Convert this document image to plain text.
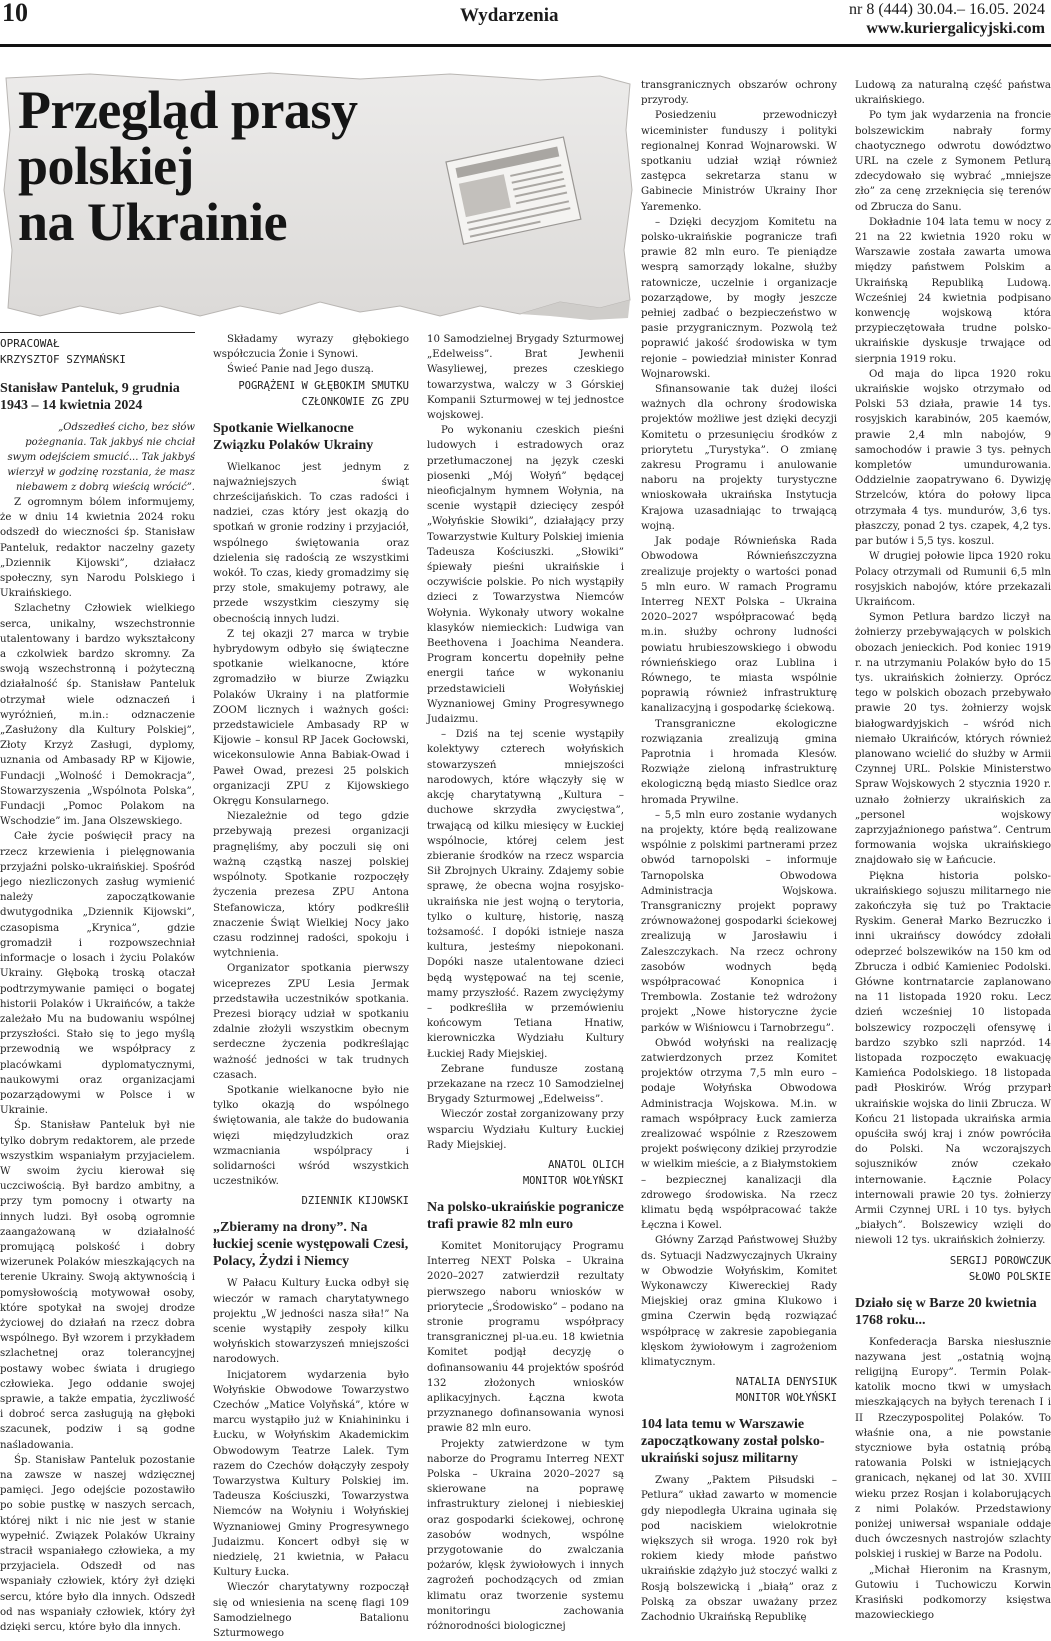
10	Wydarzenia	nr 8 (444) 30.04.– 16.05. 2024
www.kuriergalicyjski.com
Przegląd prasy
polskiej
na Ukrainie
OPRACOWAŁ
KRZYSZTOF SZYMAŃSKI
Stanisław Panteluk, 9 grudnia 1943 – 14 kwietnia 2024

„Odszedłeś cicho, bez słów pożegnania. Tak jakbyś nie chciał swym odejściem smucić... Tak jakbyś wierzył w godzinę rozstania, że masz niebawem z dobrą wieścią wrócić”.

Z ogromnym bólem informujemy, że w dniu 14 kwietnia 2024 roku odszedł do wieczności śp. Stanisław Panteluk, redaktor naczelny gazety „Dziennik Kijowski”, działacz społeczny, syn Narodu Polskiego i Ukraińskiego.

Szlachetny Człowiek wielkiego serca, unikalny, wszechstronnie utalentowany i bardzo wykształcony a czkolwiek bardzo skromny. Za swoją wszechstronną i pożyteczną działalność śp. Stanisław Panteluk otrzymał wiele odznaczeń i wyróżnień, m.in.: odznaczenie „Zasłużony dla Kultury Polskiej”, Złoty Krzyż Zasługi, dyplomy, uznania od Ambasady RP w Kijowie, Fundacji „Wolność i Demokracja”, Stowarzyszenia „Wspólnota Polska”, Fundacji „Pomoc Polakom na Wschodzie” im. Jana Olszewskiego.

Całe życie poświęcił pracy na rzecz krzewienia i pielęgnowania przyjaźni polsko-ukraińskiej. Spośród jego niezliczonych zasług wymienić należy zapoczątkowanie dwutygodnika „Dziennik Kijowski”, czasopisma „Krynica”, gdzie gromadził i rozpowszechniał informacje o losach i życiu Polaków Ukrainy. Głęboką troską otaczał podtrzymywanie pamięci o bogatej historii Polaków i Ukraińców, a także zależało Mu na budowaniu wspólnej przyszłości. Stało się to jego myślą przewodnią we współpracy z placówkami dyplomatycznymi, naukowymi oraz organizacjami pozarządowymi w Polsce i w Ukrainie.

Śp. Stanisław Panteluk był nie tylko dobrym redaktorem, ale przede wszystkim wspaniałym przyjacielem. W swoim życiu kierował się uczciwością. Był bardzo ambitny, a przy tym pomocny i otwarty na innych ludzi. Był osobą ogromnie zaangażowaną w działalność promującą polskość i dobry wizerunek Polaków mieszkających na terenie Ukrainy. Swoją aktywnością i pomysłowością motywował osoby, które spotykał na swojej drodze życiowej do działań na rzecz dobra wspólnego. Był wzorem i przykładem szlachetnej oraz tolerancyjnej postawy wobec świata i drugiego człowieka. Jego oddanie swojej sprawie, a także empatia, życzliwość i dobroć serca zasługują na głęboki szacunek, podziw i są godne naśladowania.

Śp. Stanisław Panteluk pozostanie na zawsze w naszej wdzięcznej pamięci. Jego odejście pozostawiło po sobie pustkę w naszych sercach, której nikt i nic nie jest w stanie wypełnić. Związek Polaków Ukrainy stracił wspaniałego człowieka, a my przyjaciela. Odszedł od nas wspaniały człowiek, który żył dzięki sercu, które było dla innych. Odszedł od nas wspaniały człowiek, który żył dzięki sercu, które było dla innych.

Składamy wyrazy głębokiego współczucia Żonie i Synowi.

Świeć Panie nad Jego duszą.

POGRĄŻENI W GŁĘBOKIM SMUTKU
CZŁONKOWIE ZG ZPU
Spotkanie Wielkanocne Związku Polaków Ukrainy

Wielkanoc jest jednym z najważniejszych świąt chrześcijańskich. To czas radości i nadziei, czas który jest okazją do spotkań w gronie rodziny i przyjaciół, wspólnego świętowania oraz dzielenia się radością ze wszystkimi wokół. To czas, kiedy gromadzimy się przy stole, smakujemy potrawy, ale przede wszystkim cieszymy się obecnością innych ludzi.

Z tej okazji 27 marca w trybie hybrydowym odbyło się świąteczne spotkanie wielkanocne, które zgromadziło w biurze Związku Polaków Ukrainy i na platformie ZOOM licznych i ważnych gości: przedstawiciele Ambasady RP w Kijowie – konsul RP Jacek Gocłowski, wicekonsulowie Anna Babiak-Owad i Paweł Owad, prezesi 25 polskich organizacji ZPU z Kijowskiego Okręgu Konsularnego.

Niezależnie od tego gdzie przebywają prezesi organizacji pragnęliśmy, aby poczuli się oni ważną cząstką naszej polskiej wspólnoty. Spotkanie rozpoczęły życzenia prezesa ZPU Antona Stefanowicza, który podkreślił znaczenie Świąt Wielkiej Nocy jako czasu rodzinnej radości, spokoju i wytchnienia.

Organizator spotkania pierwszy wiceprezes ZPU Lesia Jermak przedstawiła uczestników spotkania. Prezesi biorący udział w spotkaniu zdalnie złożyli wszystkim obecnym serdeczne życzenia podkreślając ważność jedności w tak trudnych czasach.

Spotkanie wielkanocne było nie tylko okazją do wspólnego świętowania, ale także do budowania więzi międzyludzkich oraz wzmacniania wspólpracy i solidarności wśród wszystkich uczestników.

DZIENNIK KIJOWSKI
„Zbieramy na drony”. Na łuckiej scenie występowali Czesi, Polacy, Żydzi i Niemcy

W Pałacu Kultury Łucka odbył się wieczór w ramach charytatywnego projektu „W jedności nasza siła!” Na scenie wystąpiły zespoły kilku wołyńskich stowarzyszeń mniejszości narodowych.

Inicjatorem wydarzenia było Wołyńskie Obwodowe Towarzystwo Czechów „Matice Volyňská”, które w marcu wystąpiło już w Kniahininku i Łucku, w Wołyńskim Akademickim Obwodowym Teatrze Lalek. Tym razem do Czechów dołączyły zespoły Towarzystwa Kultury Polskiej im. Tadeusza Kościuszki, Towarzystwa Niemców na Wołyniu i Wołyńskiej Wyznaniowej Gminy Progresywnego Judaizmu. Koncert odbył się w niedzielę, 21 kwietnia, w Pałacu Kultury Łucka.

Wieczór charytatywny rozpoczął się od wniesienia na scenę flagi 109 Samodzielnego Batalionu Szturmowego

10 Samodzielnej Brygady Szturmowej „Edelweiss”. Brat Jewhenii Wasyliewej, prezes czeskiego towarzystwa, walczy w 3 Górskiej Kompanii Szturmowej w tej jednostce wojskowej.

Po wykonaniu czeskich pieśni ludowych i estradowych oraz przetłumaczonej na język czeski piosenki „Mój Wołyń” będącej nieoficjalnym hymnem Wołynia, na scenie wystąpił dziecięcy zespół „Wołyńskie Słowiki”, działający przy Towarzystwie Kultury Polskiej imienia Tadeusza Kościuszki. „Słowiki” śpiewały pieśni ukraińskie i oczywiście polskie. Po nich wystąpiły dzieci z Towarzystwa Niemców Wołynia. Wykonały utwory wokalne klasyków niemieckich: Ludwiga van Beethovena i Joachima Neandera. Program koncertu dopełniły pełne energii tańce w wykonaniu przedstawicieli Wołyńskiej Wyznaniowej Gminy Progresywnego Judaizmu.

– Dziś na tej scenie wystąpiły kolektywy czterech wołyńskich stowarzyszeń mniejszości narodowych, które włączyły się w akcję charytatywną „Kultura – duchowe skrzydła zwycięstwa”, trwającą od kilku miesięcy w Łuckiej wspólnocie, której celem jest zbieranie środków na rzecz wsparcia Sił Zbrojnych Ukrainy. Zdajemy sobie sprawę, że obecna wojna rosyjsko-ukraińska nie jest wojną o terytoria, tylko o kulturę, historię, naszą tożsamość. I dopóki istnieje nasza kultura, jesteśmy niepokonani. Dopóki nasze utalentowane dzieci będą występować na tej scenie, mamy przyszłość. Razem zwyciężymy – podkreśliła w przemówieniu końcowym Tetiana Hnatiw, kierowniczka Wydziału Kultury Łuckiej Rady Miejskiej.

Zebrane fundusze zostaną przekazane na rzecz 10 Samodzielnej Brygady Szturmowej „Edelweiss”.

Wieczór został zorganizowany przy wsparciu Wydziału Kultury Łuckiej Rady Miejskiej.

ANATOL OLICH
MONITOR WOŁYŃSKI
Na polsko-ukraińskie pogranicze trafi prawie 82 mln euro

Komitet Monitorujący Programu Interreg NEXT Polska – Ukraina 2020–2027 zatwierdził rezultaty pierwszego naboru wniosków w priorytecie „Środowisko” – podano na stronie programu współpracy transgranicznej pl-ua.eu. 18 kwietnia Komitet podjął decyzję o dofinansowaniu 44 projektów spośród 132 złożonych wniosków aplikacyjnych. Łączna kwota przyznanego dofinansowania wynosi prawie 82 mln euro.

Projekty zatwierdzone w tym naborze do Programu Interreg NEXT Polska – Ukraina 2020–2027 są skierowane na poprawę infrastruktury zielonej i niebieskiej oraz gospodarki ściekowej, ochronę zasobów wodnych, wspólne przygotowanie do zwalczania pożarów, klęsk żywiołowych i innych zagrożeń pochodzących od zmian klimatu oraz tworzenie systemu monitoringu zachowania różnorodności biologicznej

transgranicznych obszarów ochrony przyrody.

Posiedzeniu przewodniczył wiceminister funduszy i polityki regionalnej Konrad Wojnarowski. W spotkaniu udział wziął również zastępca sekretarza stanu w Gabinecie Ministrów Ukrainy Ihor Yaremenko.

– Dzięki decyzjom Komitetu na polsko-ukraińskie pogranicze trafi prawie 82 mln euro. Te pieniądze wesprą samorządy lokalne, służby ratownicze, uczelnie i organizacje pozarządowe, by mogły jeszcze pełniej zadbać o bezpieczeństwo w pasie przygranicznym. Pozwolą też poprawić jakość środowiska w tym rejonie – powiedział minister Konrad Wojnarowski.

Sfinansowanie tak dużej ilości ważnych dla ochrony środowiska projektów możliwe jest dzięki decyzji Komitetu o przesunięciu środków z priorytetu „Turystyka”. O zmianę zakresu Programu i anulowanie naboru na projekty turystyczne wnioskowała ukraińska Instytucja Krajowa uzasadniając to trwającą wojną.

Jak podaje Równieńska Rada Obwodowa Równieńszczyzna zrealizuje projekty o wartości ponad 5 mln euro. W ramach Programu Interreg NEXT Polska – Ukraina 2020–2027 współpracować będą m.in. służby ochrony ludności powiatu hrubieszowskiego i obwodu równieńskiego oraz Lublina i Równego, te miasta wspólnie poprawią również infrastrukturę kanalizacyjną i gospodarkę ściekową.

Transgraniczne ekologiczne rozwiązania zrealizują gmina Paprotnia i hromada Klesów. Rozwiąże zieloną infrastrukturę ekologiczną będą miasto Siedlce oraz hromada Prywilne.

– 5,5 mln euro zostanie wydanych na projekty, które będą realizowane wspólnie z polskimi partnerami przez obwód tarnopolski – informuje Tarnopolska Obwodowa Administracja Wojskowa. Transgraniczny projekt poprawy zrównoważonej gospodarki ściekowej zrealizują w Jarosławiu i Zaleszczykach. Na rzecz ochrony zasobów wodnych będą współpracować Konopnica i Trembowla. Zostanie też wdrożony projekt „Nowe historyczne życie parków w Wiśniowcu i Tarnobrzegu”.

Obwód wołyński na realizację zatwierdzonych przez Komitet projektów otrzyma 7,5 mln euro – podaje Wołyńska Obwodowa Administracja Wojskowa. M.in. w ramach współpracy Łuck zamierza zrealizować wspólnie z Rzeszowem projekt poświęcony dzikiej przyrodzie w wielkim mieście, a z Białymstokiem – bezpiecznej kanalizacji dla zdrowego środowiska. Na rzecz klimatu będą współpracować także Łęczna i Kowel.

Główny Zarząd Państwowej Służby ds. Sytuacji Nadzwyczajnych Ukrainy w Obwodzie Wołyńskim, Komitet Wykonawczy Kiwereckiej Rady Miejskiej oraz gmina Klukowo i gmina Czerwin będą rozwiązać współpracę w zakresie zapobiegania klęskom żywiołowym i zagrożeniom klimatycznym.

NATALIA DENYSIUK
MONITOR WOŁYŃSKI
104 lata temu w Warszawie zapoczątkowany został polsko-ukraiński sojusz militarny

Zwany „Paktem Piłsudski – Petlura” układ zawarto w momencie gdy niepodległa Ukraina uginała się pod naciskiem wielokrotnie większych sił wroga. 1920 rok był rokiem kiedy młode państwo ukraińskie zdążyło już stoczyć walki z Rosją bolszewicką i „białą” oraz z Polską za obszar uważany przez Zachodnio Ukraińską Republikę

Ludową za naturalną część państwa ukraińskiego.

Po tym jak wydarzenia na froncie bolszewickim nabrały formy chaotycznego odwrotu dowództwo URL na czele z Symonem Petlurą zdecydowało się wybrać „mniejsze zło” za cenę zrzeknięcia się terenów od Zbrucza do Sanu.

Dokładnie 104 lata temu w nocy z 21 na 22 kwietnia 1920 roku w Warszawie została zawarta umowa między państwem Polskim a Ukraińską Republiką Ludową. Wcześniej 24 kwietnia podpisano konwencję wojskową która przypieczętowała trudne polsko-ukraińskie dyskusje trwające od sierpnia 1919 roku.

Od maja do lipca 1920 roku ukraińskie wojsko otrzymało od Polski 53 działa, prawie 14 tys. rosyjskich karabinów, 205 kaemów, prawie 2,4 mln nabojów, 9 samochodów i prawie 3 tys. pełnych kompletów umundurowania. Oddzielnie zaopatrywano 6. Dywizję Strzelców, która do połowy lipca otrzymała 4 tys. mundurów, 3,6 tys. płaszczy, ponad 2 tys. czapek, 4,2 tys. par butów i 5,5 tys. koszul.

W drugiej połowie lipca 1920 roku Polacy otrzymali od Rumunii 6,5 mln rosyjskich nabojów, które przekazali Ukraińcom.

Symon Petlura bardzo liczył na żołnierzy przebywających w polskich obozach jenieckich. Pod koniec 1919 r. na utrzymaniu Polaków było do 15 tys. ukraińskich żołnierzy. Oprócz tego w polskich obozach przebywało prawie 20 tys. żołnierzy wojsk białogwardyjskich – wśród nich niemało Ukraińców, których również planowano wcielić do służby w Armii Czynnej URL. Polskie Ministerstwo Spraw Wojskowych 2 stycznia 1920 r. uznało żołnierzy ukraińskich za „personel wojskowy zaprzyjaźnionego państwa”. Centrum formowania wojska ukraińskiego znajdowało się w Łańcucie.

Piękna historia polsko-ukraińskiego sojuszu militarnego nie zakończyła się tuż po Traktacie Ryskim. Generał Marko Bezruczko i inni ukraińscy dowódcy zdołali odeprzeć bolszewików na 150 km od Zbrucza i odbić Kamieniec Podolski. Główne kontrnatarcie zaplanowano na 11 listopada 1920 roku. Lecz dzień wcześniej 10 listopada bolszewicy rozpoczęli ofensywę i bardzo szybko szli naprzód. 14 listopada rozpoczęto ewakuację Kamieńca Podolskiego. 18 listopada padł Płoskirów. Wróg przyparł ukraińskie wojska do linii Zbrucza. W Końcu 21 listopada ukraińska armia opuściła swój kraj i znów powróciła do Polski. Na wczorajszych sojuszników znów czekało internowanie. Łącznie Polacy internowali prawie 20 tys. żołnierzy Armii Czynnej URL i 10 tys. byłych „białych”. Bolszewicy wzięli do niewoli 12 tys. ukraińskich żołnierzy.

SERGIJ POROWCZUK
SŁOWO POLSKIE
Działo się w Barze 20 kwietnia 1768 roku...

Konfederacja Barska niesłusznie nazywana jest „ostatnią wojną religijną Europy”. Termin Polak-katolik mocno tkwi w umysłach mieszkających na byłych terenach I i II Rzeczypospolitej Polaków. To właśnie ona, a nie powstanie styczniowe była ostatnią próbą ratowania Polski w istniejących granicach, nękanej od lat 30. XVIII wieku przez Rosjan i kolaborujących z nimi Polaków. Przedstawiony poniżej uniwersał wspaniale oddaje duch ówczesnych nastrojów szlachty polskiej i ruskiej w Barze na Podolu.

„Michał Hieronim na Krasnym, Gutowiu i Tuchowiczu Korwin Krasiński podkomorzy księstwa mazowieckiego
